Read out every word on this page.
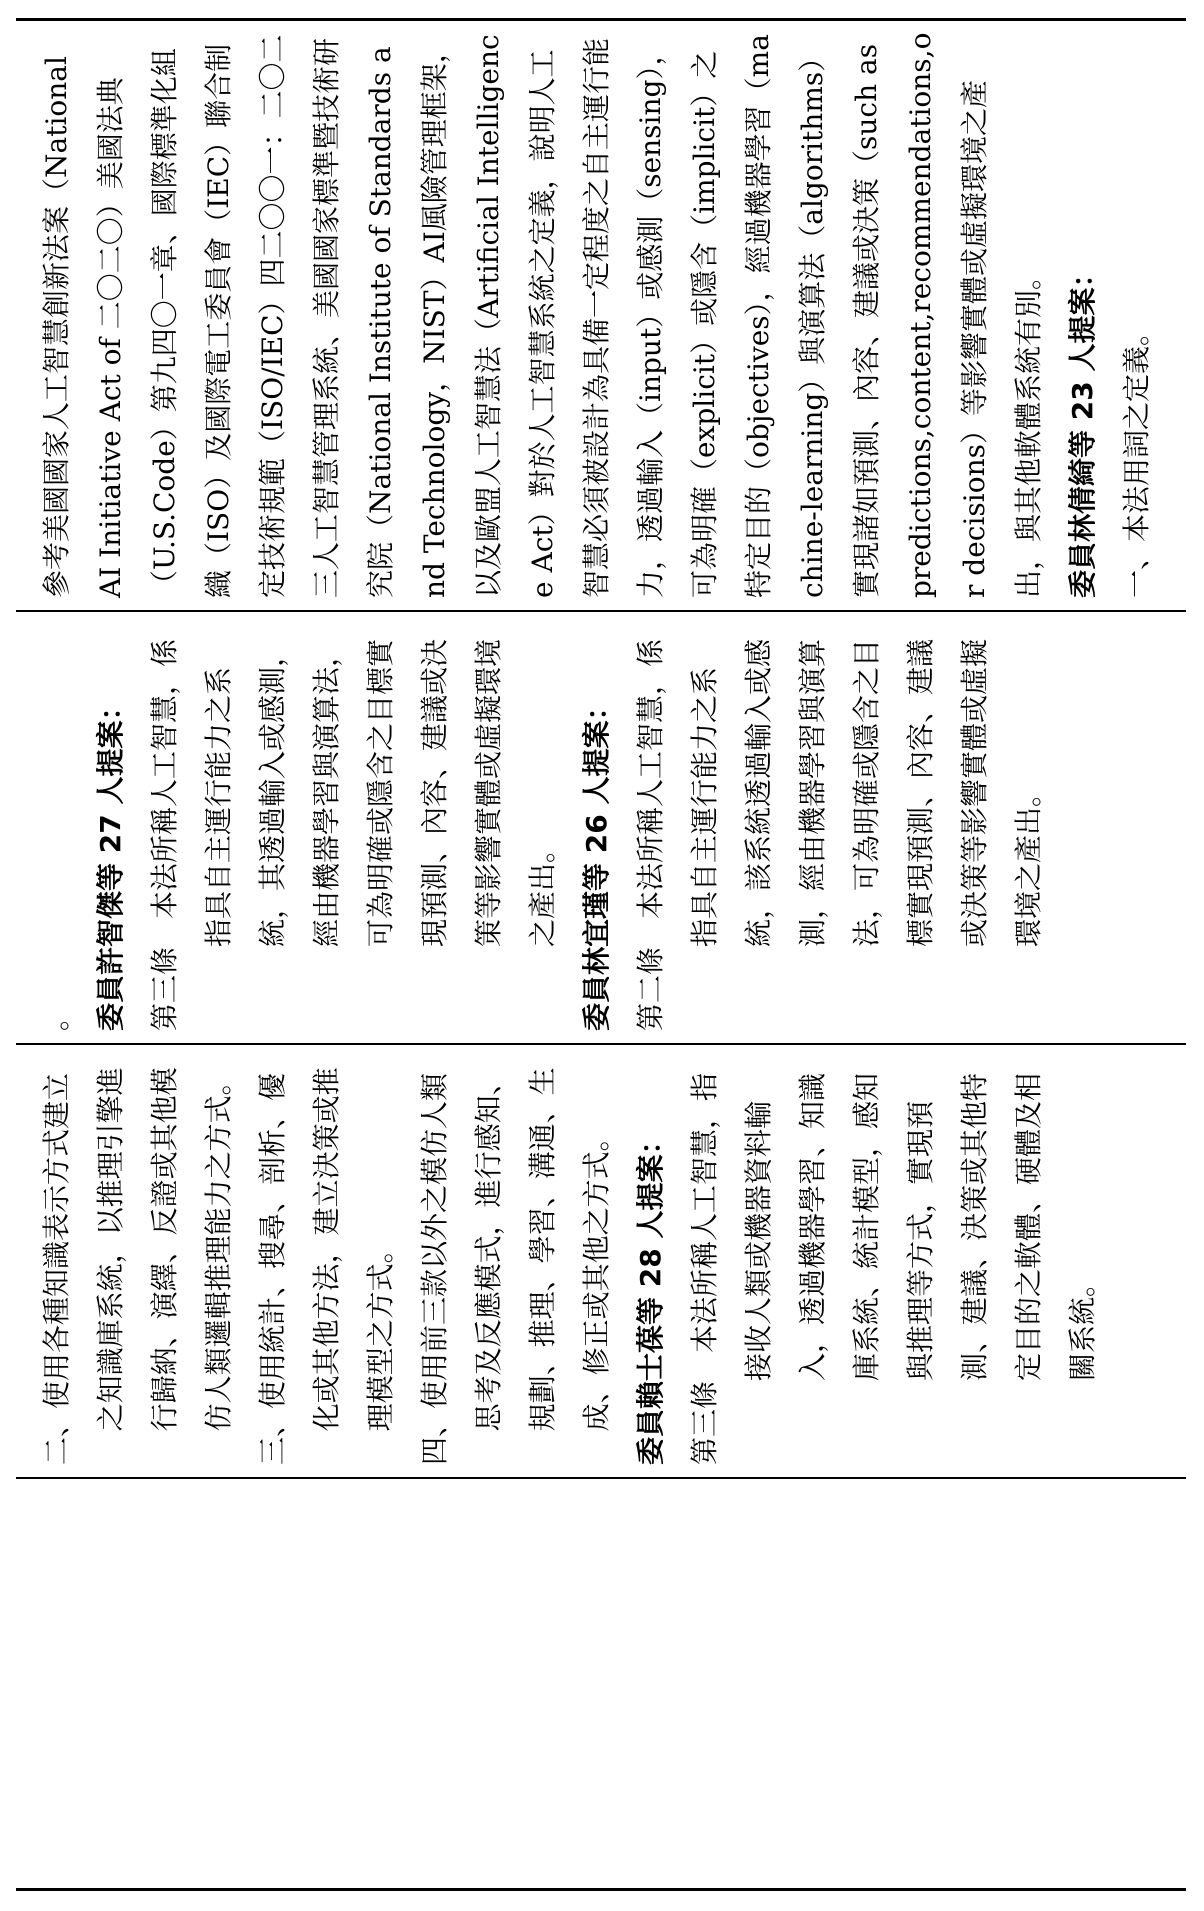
參考美國國家人工智慧創新法案（National AI Initiative Act of 二〇二〇）美國法典（U.S.Code）第九四〇一章、國際標準化組織（ISO）及國際電工委員會（IEC）聯合制定技術規範（ISO/IEC）四二〇〇一：二〇二三人工智慧管理系統、美國國家標準暨技術研究院（National Institute of Standards and Technology，NIST）AI風險管理框架，以及歐盟人工智慧法（Artificial Intelligence Act）對於人工智慧系統之定義，說明人工智慧必須被設計為具備一定程度之自主運行能力，透過輸入（input）或感測（sensing），可為明確（explicit）或隱含（implicit）之特定目的（objectives），經過機器學習（machine-learning）與演算法（algorithms）實現諸如預測、內容、建議或決策（such as predictions,content,recommendations,or decisions）等影響實體或虛擬環境之產出，與其他軟體系統有別。 委員林倩綺等 23 人提案： 一、本法用詞之定義。

。 委員許智傑等 27 人提案： 第三條　本法所稱人工智慧，係指具自主運行能力之系統，其透過輸入或感測，經由機器學習與演算法，可為明確或隱含之目標實現預測、內容、建議或決策等影響實體或虛擬環境之產出。 委員林宜瑾等 26 人提案： 第二條　本法所稱人工智慧，係指具自主運行能力之系統，該系統透過輸入或感測，經由機器學習與演算法，可為明確或隱含之目標實現預測、內容、建議或決策等影響實體或虛擬環境之產出。

二、使用各種知識表示方式建立之知識庫系統，以推理引擎進行歸納、演繹、反證或其他模仿人類邏輯推理能力之方式。 三、使用統計、搜尋、剖析、優化或其他方法，建立決策或推理模型之方式。 四、使用前三款以外之模仿人類思考及反應模式，進行感知、規劃、推理、學習、溝通、生成、修正或其他之方式。 委員賴士葆等 28 人提案： 第三條　本法所稱人工智慧，指接收人類或機器資料輸入，透過機器學習、知識庫系統、統計模型，感知與推理等方式，實現預測、建議、決策或其他特定目的之軟體、硬體及相關系統。
